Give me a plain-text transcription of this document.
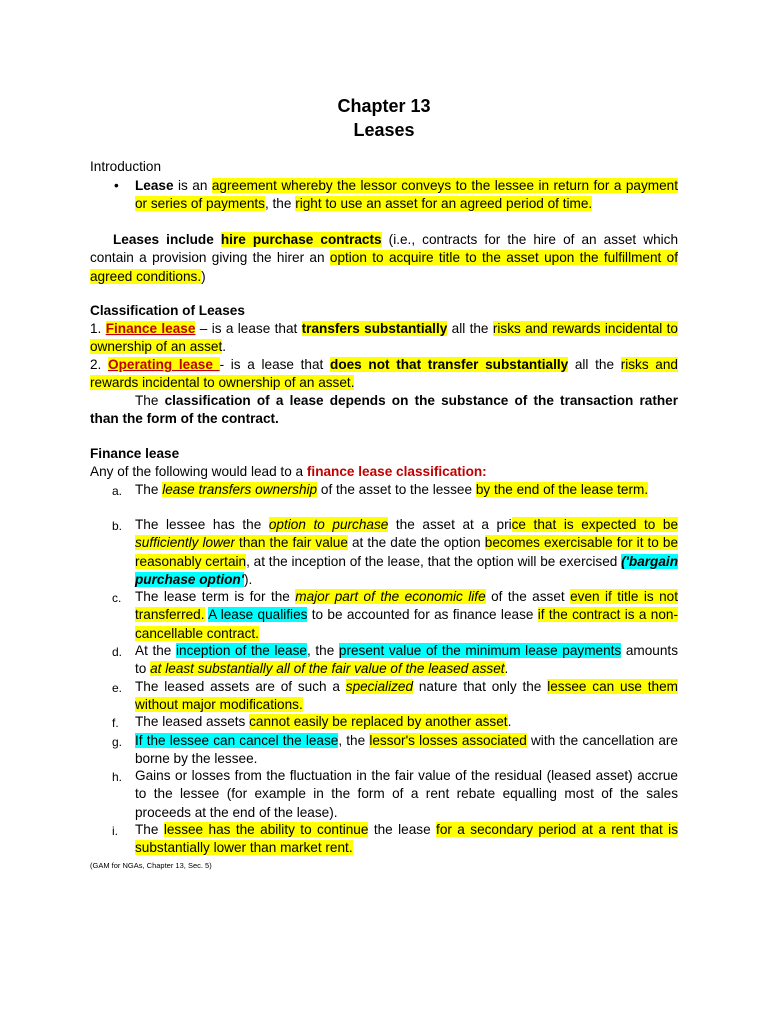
Chapter 13
Leases
Introduction
• Lease is an agreement whereby the lessor conveys to the lessee in return for a payment or series of payments, the right to use an asset for an agreed period of time.
Leases include hire purchase contracts (i.e., contracts for the hire of an asset which contain a provision giving the hirer an option to acquire title to the asset upon the fulfillment of agreed conditions.)
Classification of Leases
1. Finance lease – is a lease that transfers substantially all the risks and rewards incidental to ownership of an asset.
2. Operating lease - is a lease that does not that transfer substantially all the risks and rewards incidental to ownership of an asset.
The classification of a lease depends on the substance of the transaction rather than the form of the contract.
Finance lease
Any of the following would lead to a finance lease classification:
a. The lease transfers ownership of the asset to the lessee by the end of the lease term.
b. The lessee has the option to purchase the asset at a price that is expected to be sufficiently lower than the fair value at the date the option becomes exercisable for it to be reasonably certain, at the inception of the lease, that the option will be exercised ('bargain purchase option').
c.	The lease term is for the major part of the economic life of the asset even if title is not transferred. A lease qualifies to be accounted for as finance lease if the contract is a non-cancellable contract.
d. At the inception of the lease, the present value of the minimum lease payments amounts to at least substantially all of the fair value of the leased asset.
e. The leased assets are of such a specialized nature that only the lessee can use them without major modifications.
f.	The leased assets cannot easily be replaced by another asset.
g. If the lessee can cancel the lease, the lessor's losses associated with the cancellation are borne by the lessee.
h. Gains or losses from the fluctuation in the fair value of the residual (leased asset) accrue to the lessee (for example in the form of a rent rebate equalling most of the sales proceeds at the end of the lease).
i.	The lessee has the ability to continue the lease for a secondary period at a rent that is substantially lower than market rent.
(GAM for NGAs, Chapter 13, Sec. 5)
